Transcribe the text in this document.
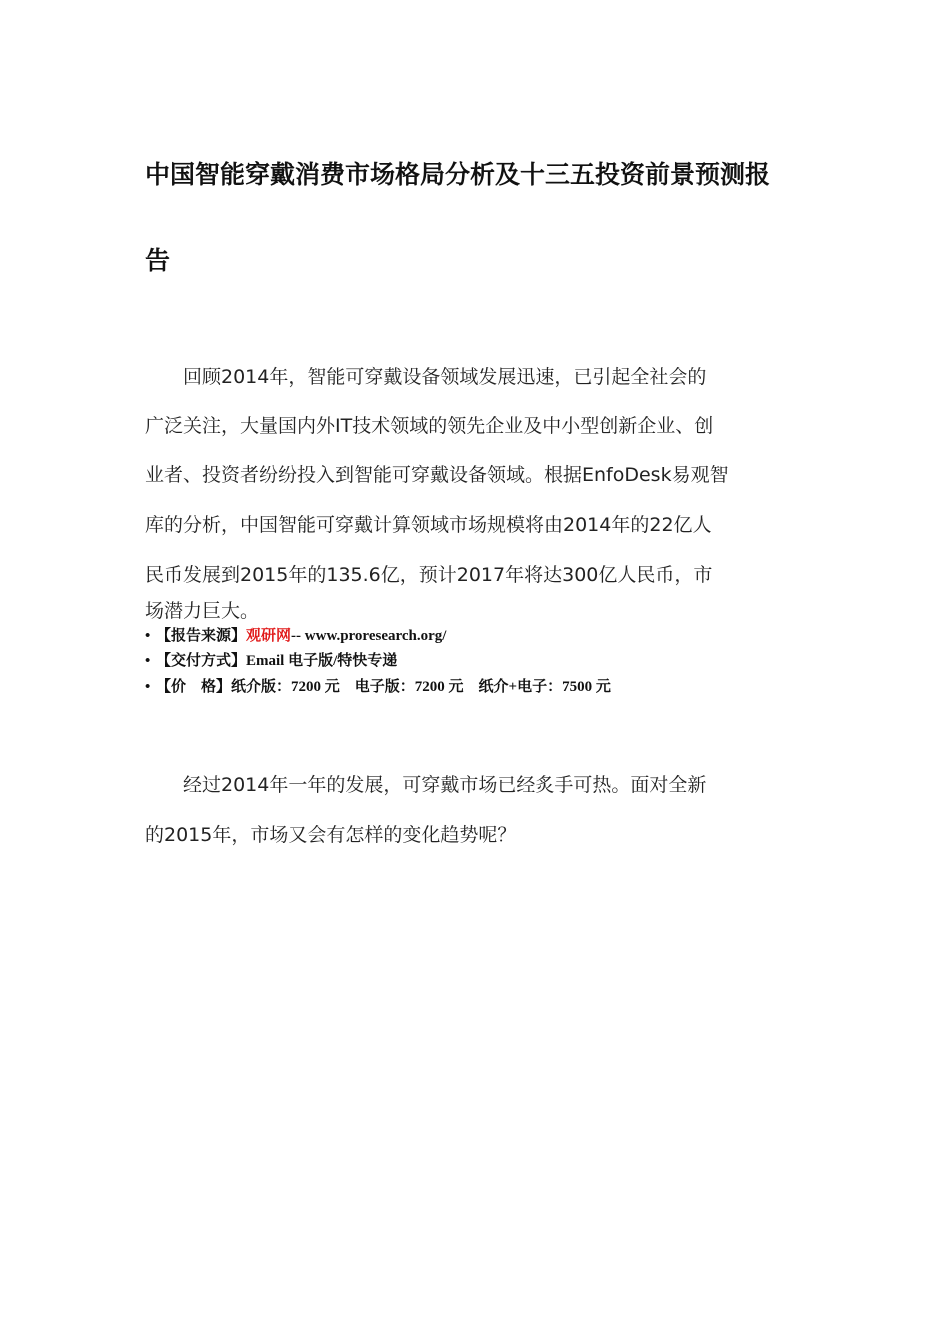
中国智能穿戴消费市场格局分析及十三五投资前景预测报
告
　　回顾2014年，智能可穿戴设备领域发展迅速，已引起全社会的
广泛关注，大量国内外IT技术领域的领先企业及中小型创新企业、创
业者、投资者纷纷投入到智能可穿戴设备领域。根据EnfoDesk易观智
库的分析，中国智能可穿戴计算领域市场规模将由2014年的22亿人
民币发展到2015年的135.6亿，预计2017年将达300亿人民币，市
场潜力巨大。
• 【报告来源】观研网-- www.proresearch.org/
• 【交付方式】Email 电子版/特快专递
• 【价　格】纸介版：7200 元　电子版：7200 元　纸介+电子：7500 元
　　经过2014年一年的发展，可穿戴市场已经炙手可热。面对全新
的2015年，市场又会有怎样的变化趋势呢？
